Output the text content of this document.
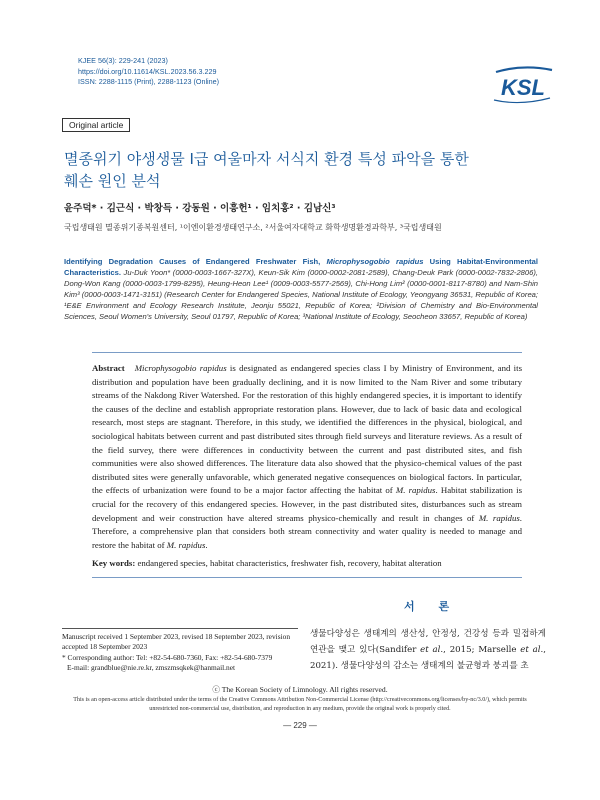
KJEE 56(3): 229-241 (2023)
https://doi.org/10.11614/KSL.2023.56.3.229
ISSN: 2288-1115 (Print), 2288-1123 (Online)	KSL
Original article
멸종위기 야생생물 I급 여울마자 서식지 환경 특성 파악을 통한
훼손 원인 분석
윤주덕* · 김근식 · 박창득 · 강동원 · 이흥헌¹ · 임치홍² · 김남신³
국립생태원 멸종위기종복원센터, ¹이엔이환경생태연구소, ²서울여자대학교 화학생명환경과학부, ³국립생태원
Identifying Degradation Causes of Endangered Freshwater Fish, Microphysogobio rapidus Using Habitat-Environmental Characteristics. Ju-Duk Yoon* (0000-0003-1667-327X), Keun-Sik Kim (0000-0002-2081-2589), Chang-Deuk Park (0000-0002-7832-2806), Dong-Won Kang (0000-0003-1799-8295), Heung-Heon Lee¹ (0009-0003-5577-2569), Chi-Hong Lim² (0000-0001-8117-8780) and Nam-Shin Kim³ (0000-0003-1471-3151) (Research Center for Endangered Species, National Institute of Ecology, Yeongyang 36531, Republic of Korea; ¹E&E Environment and Ecology Research Institute, Jeonju 55021, Republic of Korea; ²Division of Chemistry and Bio-Environmental Sciences, Seoul Women's University, Seoul 01797, Republic of Korea; ³National Institute of Ecology, Seocheon 33657, Republic of Korea)
Abstract Microphysogobio rapidus is designated as endangered species class I by Ministry of Environment, and its distribution and population have been gradually declining, and it is now limited to the Nam River and some tributary streams of the Nakdong River Watershed. For the restoration of this highly endangered species, it is important to identify the causes of the decline and establish appropriate restoration plans. However, due to lack of basic data and ecological research, most steps are stagnant. Therefore, in this study, we identified the differences in the physical, biological, and sociological habitats between current and past distributed sites through field surveys and literature reviews. As a result of the field survey, there were differences in conductivity between the current and past distributed sites, and fish communities were also showed differences. The literature data also showed that the physico-chemical values of the past distributed sites were generally unfavorable, which generated negative consequences on biological factors. In particular, the effects of urbanization were found to be a major factor affecting the habitat of M. rapidus. Habitat stabilization is crucial for the recovery of this endangered species. However, in the past distributed sites, disturbances such as stream development and weir construction have altered streams physico-chemically and result in changes of M. rapidus. Therefore, a comprehensive plan that considers both stream connectivity and water quality is needed to manage and restore the habitat of M. rapidus.
Key words: endangered species, habitat characteristics, freshwater fish, recovery, habitat alteration
서 론
Manuscript received 1 September 2023, revised 18 September 2023, revision accepted 18 September 2023
* Corresponding author: Tel: +82-54-680-7360, Fax: +82-54-680-7379
E-mail: grandblue@nie.re.kr, zmszmsqkek@hanmail.net
생물다양성은 생태계의 생산성, 안정성, 건강성 등과 밀접하게 연관을 맺고 있다(Sandifer et al., 2015; Marselle et al., 2021). 생물다양성의 감소는 생태계의 불균형과 붕괴를 초
ⓒ The Korean Society of Limnology. All rights reserved.
This is an open-access article distributed under the terms of the Creative Commons Attribution Non-Commercial License (http://creativecommons.org/licenses/by-nc/3.0/), which permits unrestricted non-commercial use, distribution, and reproduction in any medium, provide the original work is properly cited.
— 229 —
